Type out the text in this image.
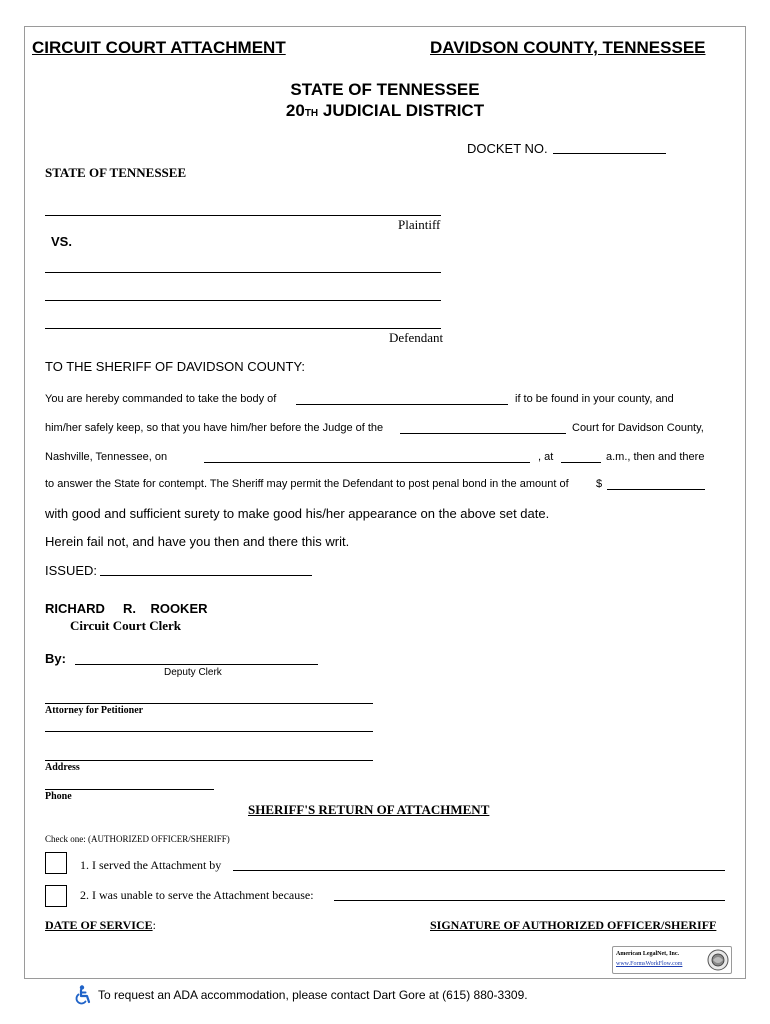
CIRCUIT COURT ATTACHMENT	DAVIDSON COUNTY, TENNESSEE
STATE OF TENNESSEE
20TH JUDICIAL DISTRICT
DOCKET NO.
STATE OF TENNESSEE
Plaintiff
VS.
Defendant
TO THE SHERIFF OF DAVIDSON COUNTY:
You are hereby commanded to take the body of	if to be found in your county, and
him/her safely keep, so that you have him/her before the Judge of the	Court for Davidson County,
Nashville, Tennessee, on	, at	a.m., then and there
to answer the State for contempt. The Sheriff may permit the Defendant to post penal bond in the amount of $
with good and sufficient surety to make good his/her appearance on the above set date.
Herein fail not, and have you then and there this writ.
ISSUED:
RICHARD     R.    ROOKER
Circuit Court Clerk
By:
Deputy Clerk
Attorney for Petitioner
Address
Phone
SHERIFF'S RETURN OF ATTACHMENT
Check one: (AUTHORIZED OFFICER/SHERIFF)
1. I served the Attachment by
2. I was unable to serve the Attachment because:
DATE OF SERVICE:	SIGNATURE OF AUTHORIZED OFFICER/SHERIFF
American LegalNet, Inc.
www.FormsWorkFlow.com
To request an ADA accommodation, please contact Dart Gore at (615) 880-3309.
